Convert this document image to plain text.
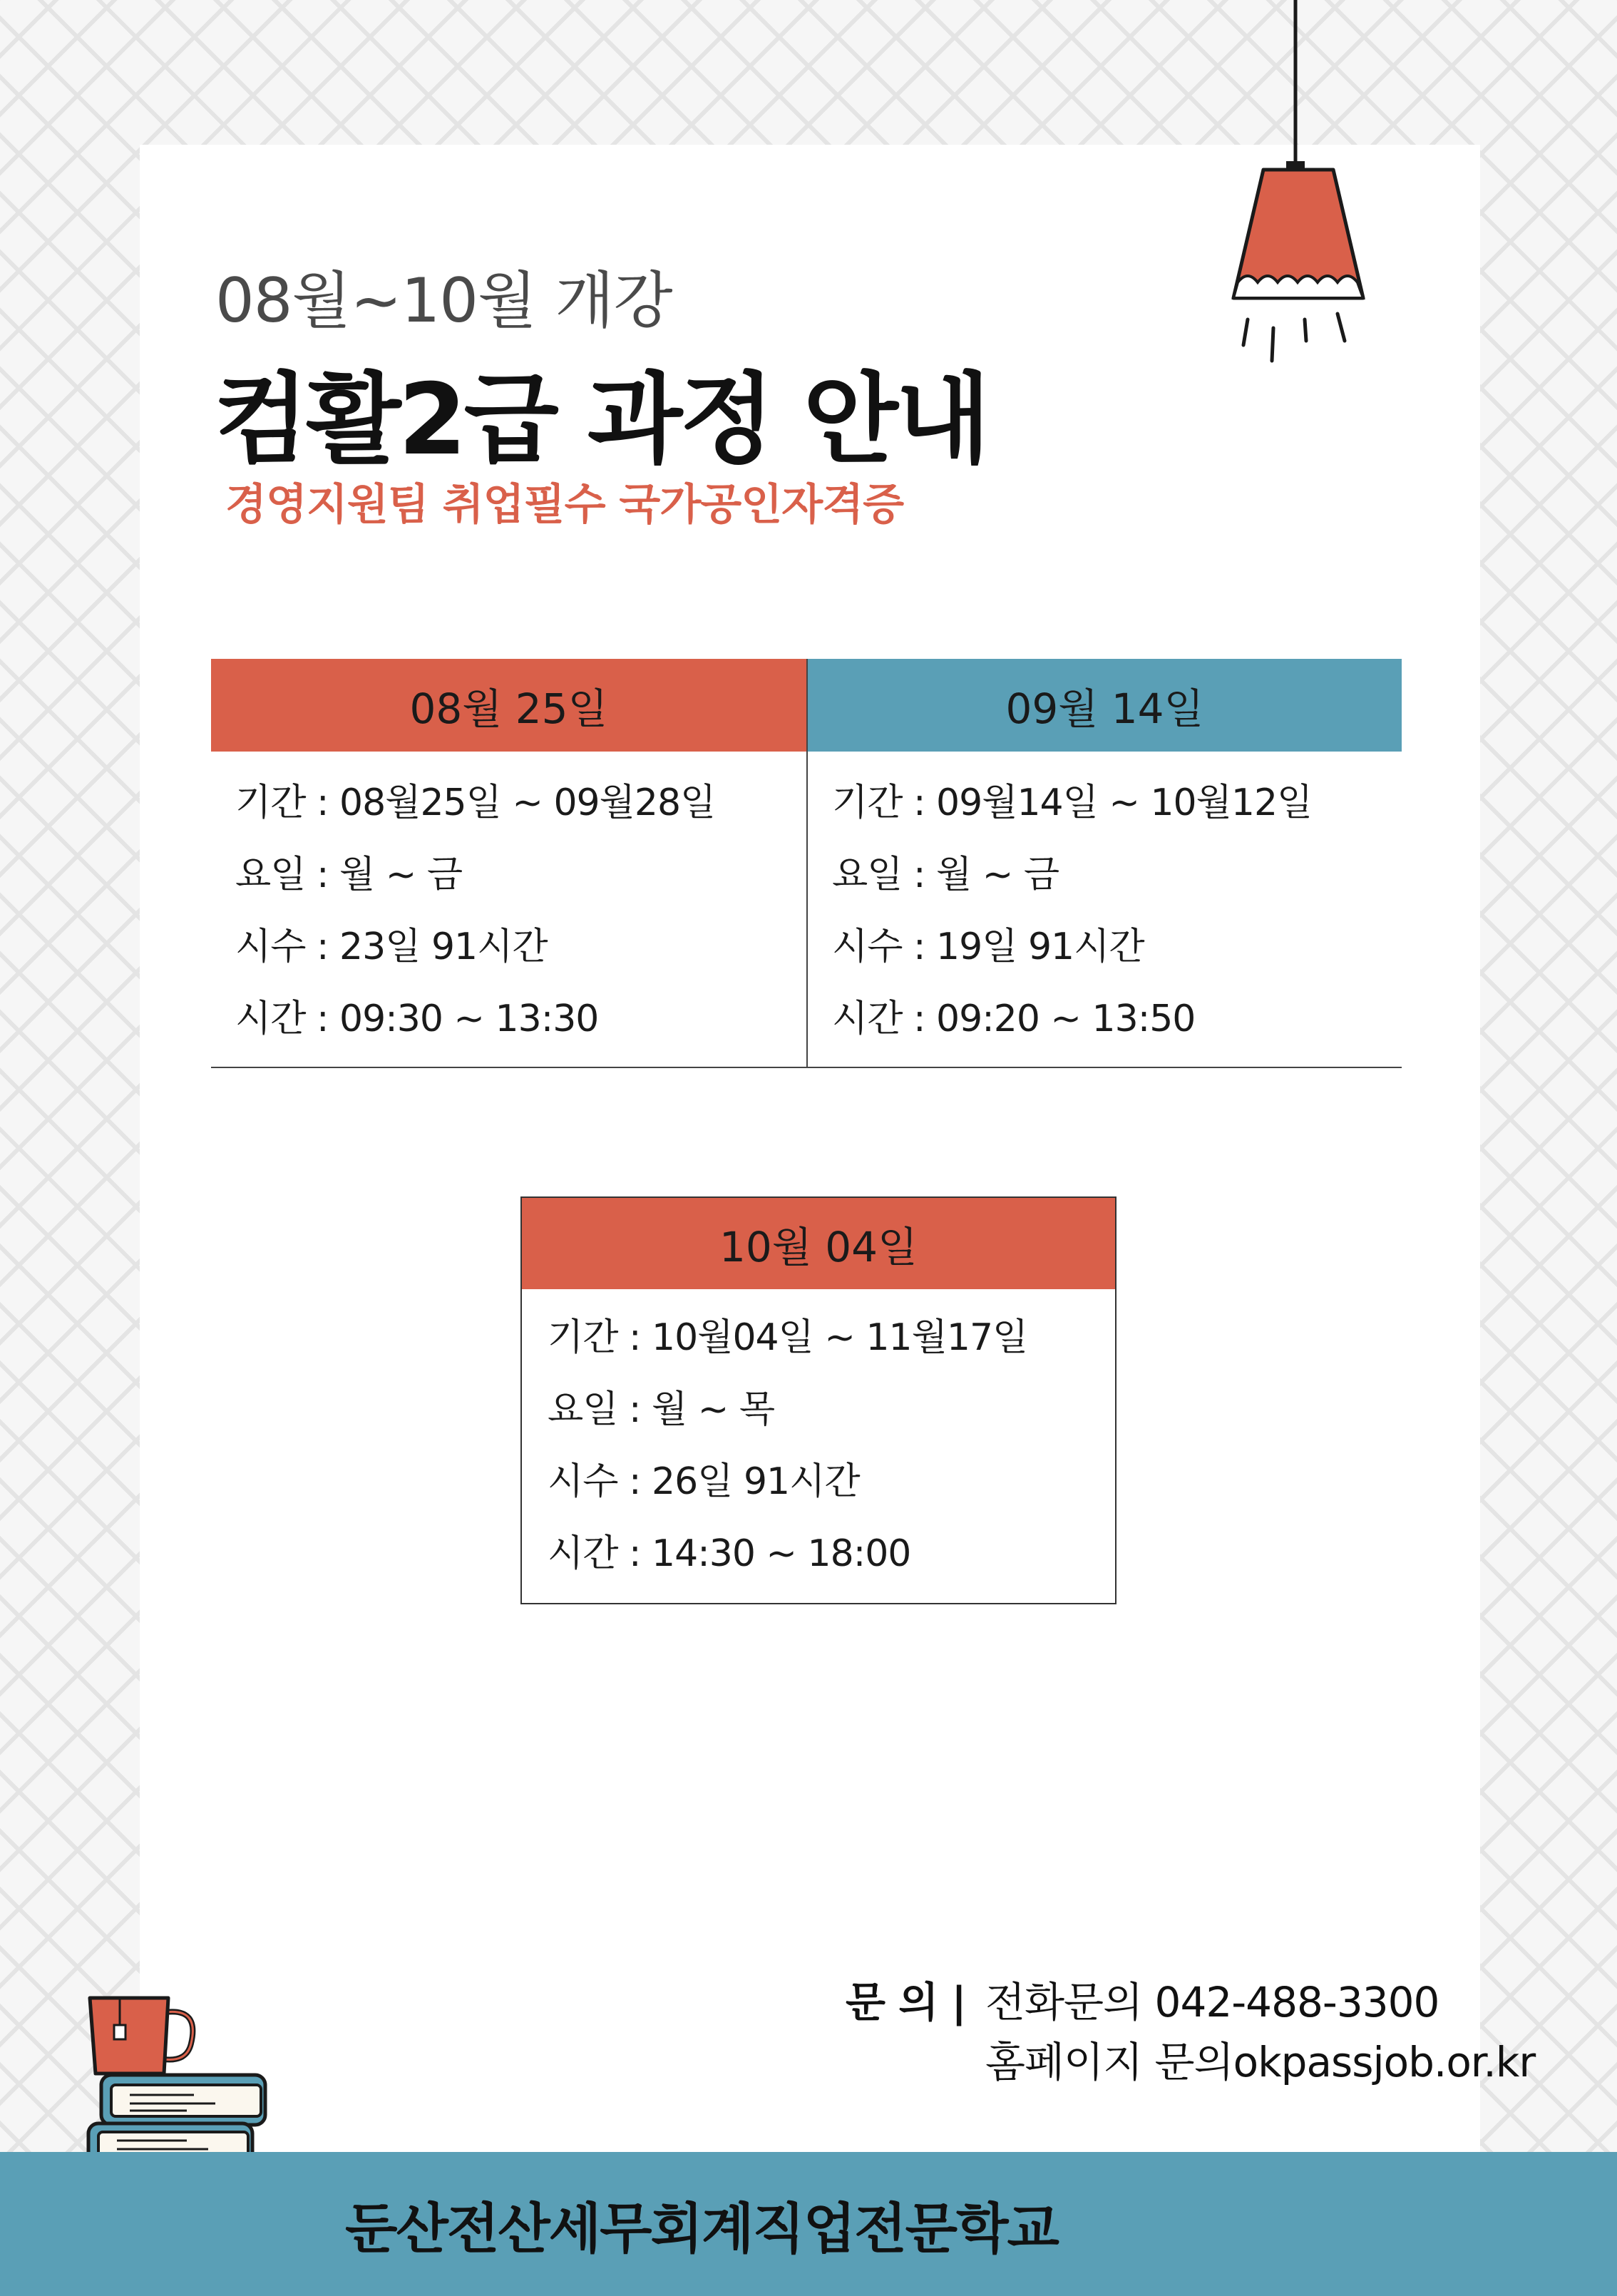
08월~10월 개강
컴활2급 과정 안내
경영지원팀 취업필수 국가공인자격증
08월 25일
기간 : 08월25일 ~ 09월28일
요일 : 월 ~ 금
시수 : 23일 91시간
시간 : 09:30 ~ 13:30
09월 14일
기간 : 09월14일 ~ 10월12일
요일 : 월 ~ 금
시수 : 19일 91시간
시간 : 09:20 ~ 13:50
10월 04일
기간 : 10월04일 ~ 11월17일
요일 : 월 ~ 목
시수 : 26일 91시간
시간 : 14:30 ~ 18:00
문 의 | 전화문의 042-488-3300
홈페이지 문의okpassjob.or.kr
둔산전산세무회계직업전문학교
